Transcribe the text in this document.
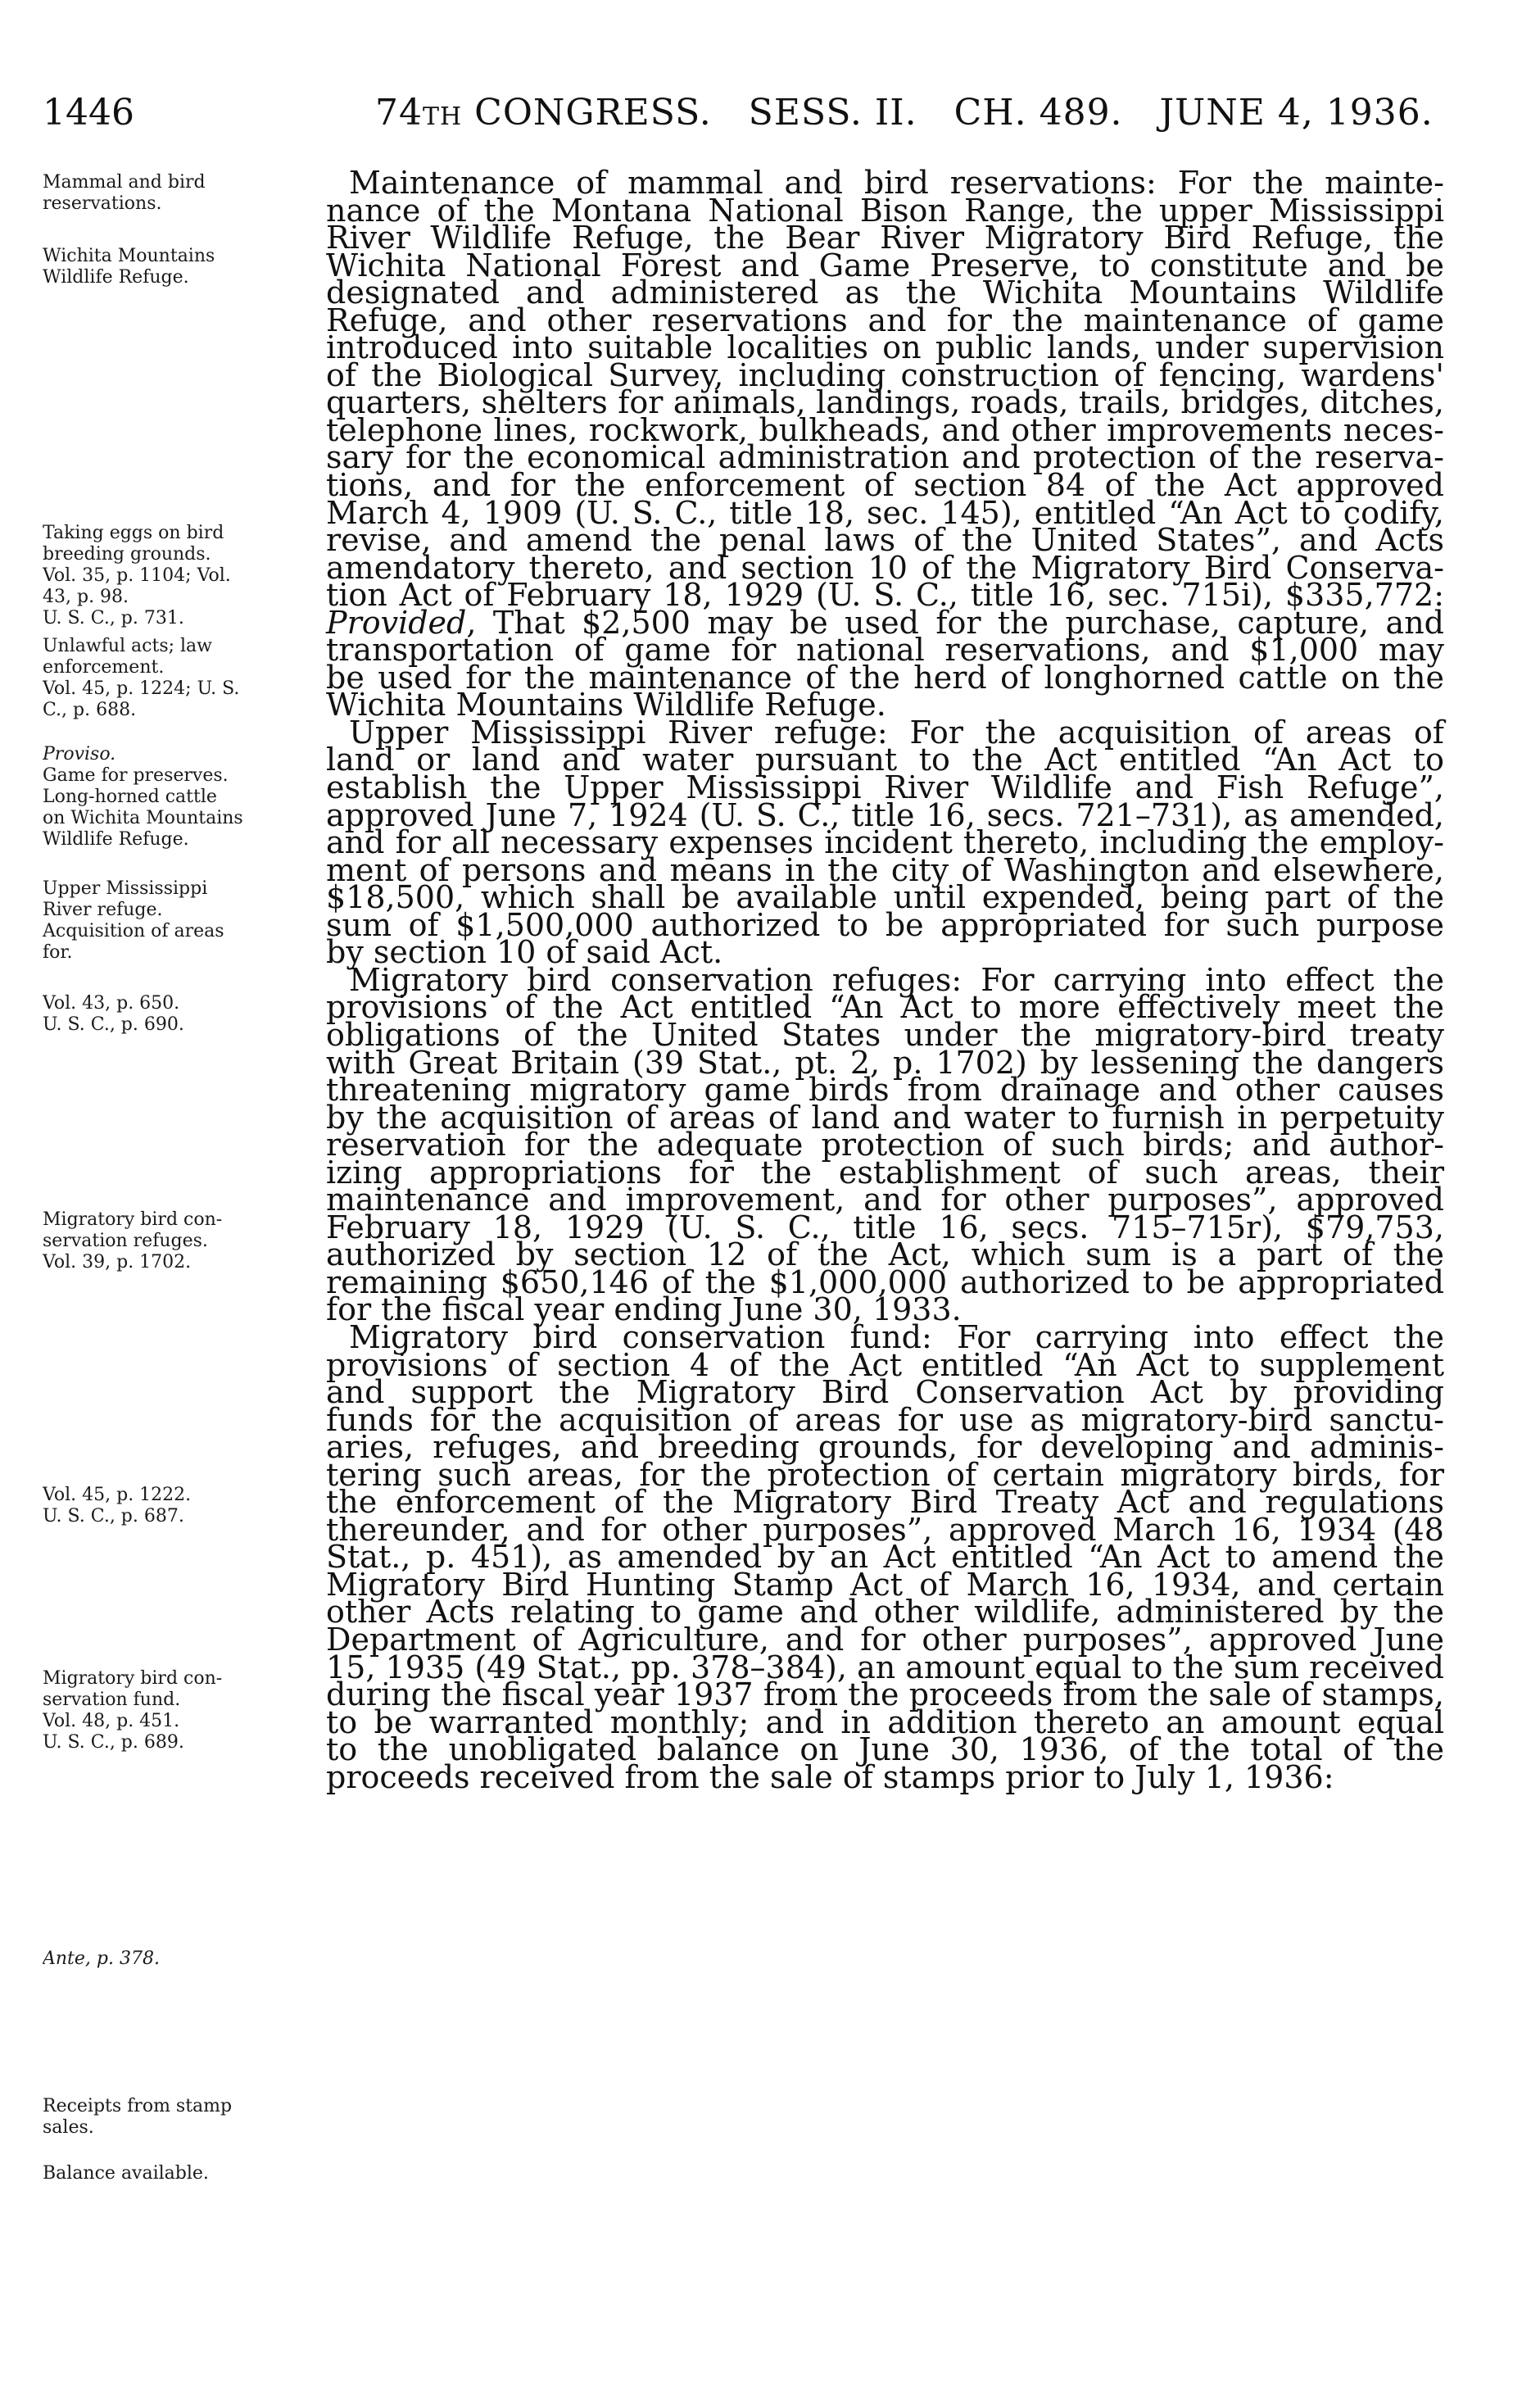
1446	74TH CONGRESS.   SESS. II.   CH. 489.   JUNE 4, 1936.
Mammal and bird
reservations.
Wichita Mountains
Wildlife Refuge.
Taking eggs on bird
breeding grounds.
Vol. 35, p. 1104; Vol.
43, p. 98.
U. S. C., p. 731.
Unlawful acts; law
enforcement.
Vol. 45, p. 1224; U. S.
C., p. 688.
Proviso.
Game for preserves.
Long-horned cattle
on Wichita Mountains
Wildlife Refuge.
Upper Mississippi
River refuge.
Acquisition of areas
for.
Vol. 43, p. 650.
U. S. C., p. 690.
Migratory bird con-
servation refuges.
Vol. 39, p. 1702.
Vol. 45, p. 1222.
U. S. C., p. 687.
Migratory bird con-
servation fund.
Vol. 48, p. 451.
U. S. C., p. 689.
Ante, p. 378.
Receipts from stamp
sales.
Balance available.
Maintenance of mammal and bird reservations: For the mainte-
nance of the Montana National Bison Range, the upper Mississippi
River Wildlife Refuge, the Bear River Migratory Bird Refuge, the
Wichita National Forest and Game Preserve, to constitute and be
designated and administered as the Wichita Mountains Wildlife
Refuge, and other reservations and for the maintenance of game
introduced into suitable localities on public lands, under supervision
of the Biological Survey, including construction of fencing, wardens'
quarters, shelters for animals, landings, roads, trails, bridges, ditches,
telephone lines, rockwork, bulkheads, and other improvements neces-
sary for the economical administration and protection of the reserva-
tions, and for the enforcement of section 84 of the Act approved
March 4, 1909 (U. S. C., title 18, sec. 145), entitled “An Act to codify,
revise, and amend the penal laws of the United States”, and Acts
amendatory thereto, and section 10 of the Migratory Bird Conserva-
tion Act of February 18, 1929 (U. S. C., title 16, sec. 715i), $335,772:
Provided, That $2,500 may be used for the purchase, capture, and
transportation of game for national reservations, and $1,000 may
be used for the maintenance of the herd of longhorned cattle on the
Wichita Mountains Wildlife Refuge.
Upper Mississippi River refuge: For the acquisition of areas of
land or land and water pursuant to the Act entitled “An Act to
establish the Upper Mississippi River Wildlife and Fish Refuge”,
approved June 7, 1924 (U. S. C., title 16, secs. 721–731), as amended,
and for all necessary expenses incident thereto, including the employ-
ment of persons and means in the city of Washington and elsewhere,
$18,500, which shall be available until expended, being part of the
sum of $1,500,000 authorized to be appropriated for such purpose
by section 10 of said Act.
Migratory bird conservation refuges: For carrying into effect the
provisions of the Act entitled “An Act to more effectively meet the
obligations of the United States under the migratory-bird treaty
with Great Britain (39 Stat., pt. 2, p. 1702) by lessening the dangers
threatening migratory game birds from drainage and other causes
by the acquisition of areas of land and water to furnish in perpetuity
reservation for the adequate protection of such birds; and author-
izing appropriations for the establishment of such areas, their
maintenance and improvement, and for other purposes”, approved
February 18, 1929 (U. S. C., title 16, secs. 715–715r), $79,753,
authorized by section 12 of the Act, which sum is a part of the
remaining $650,146 of the $1,000,000 authorized to be appropriated
for the fiscal year ending June 30, 1933.
Migratory bird conservation fund: For carrying into effect the
provisions of section 4 of the Act entitled “An Act to supplement
and support the Migratory Bird Conservation Act by providing
funds for the acquisition of areas for use as migratory-bird sanctu-
aries, refuges, and breeding grounds, for developing and adminis-
tering such areas, for the protection of certain migratory birds, for
the enforcement of the Migratory Bird Treaty Act and regulations
thereunder, and for other purposes”, approved March 16, 1934 (48
Stat., p. 451), as amended by an Act entitled “An Act to amend the
Migratory Bird Hunting Stamp Act of March 16, 1934, and certain
other Acts relating to game and other wildlife, administered by the
Department of Agriculture, and for other purposes”, approved June
15, 1935 (49 Stat., pp. 378–384), an amount equal to the sum received
during the fiscal year 1937 from the proceeds from the sale of stamps,
to be warranted monthly; and in addition thereto an amount equal
to the unobligated balance on June 30, 1936, of the total of the
proceeds received from the sale of stamps prior to July 1, 1936:
